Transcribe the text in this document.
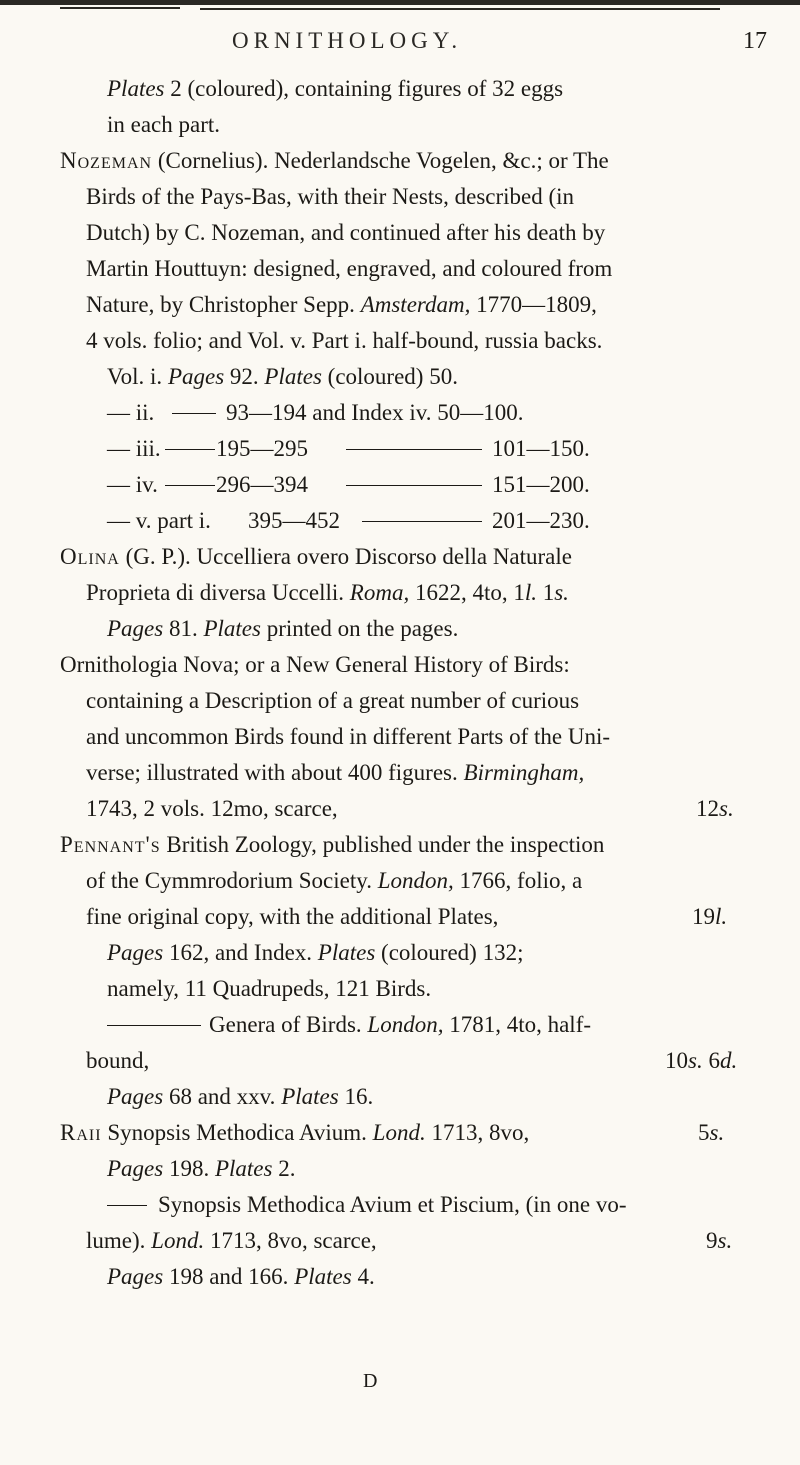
ORNITHOLOGY.	17
Plates 2 (coloured), containing figures of 32 eggs
in each part.
Nozeman (Cornelius). Nederlandsche Vogelen, &c.; or The
Birds of the Pays-Bas, with their Nests, described (in
Dutch) by C. Nozeman, and continued after his death by
Martin Houttuyn: designed, engraved, and coloured from
Nature, by Christopher Sepp. Amsterdam, 1770—1809,
4 vols. folio; and Vol. v. Part i. half-bound, russia backs.
Vol. i. Pages 92. Plates (coloured) 50.
— ii.	93—194 and Index iv. 50—100.
— iii. 195—295	101—150.
— iv.	296—394	151—200.
— v. part i. 395—452	201—230.
Olina (G. P.). Uccelliera overo Discorso della Naturale
Proprieta di diversa Uccelli. Roma, 1622, 4to, 1l. 1s.
Pages 81. Plates printed on the pages.
Ornithologia Nova; or a New General History of Birds:
containing a Description of a great number of curious
and uncommon Birds found in different Parts of the Uni-
verse; illustrated with about 400 figures. Birmingham,
1743, 2 vols. 12mo, scarce,	12s.
Pennant's British Zoology, published under the inspection
of the Cymmrodorium Society. London, 1766, folio, a
fine original copy, with the additional Plates,	19l.
Pages 162, and Index. Plates (coloured) 132;
namely, 11 Quadrupeds, 121 Birds.
Genera of Birds. London, 1781, 4to, half-
bound,	10s. 6d.
Pages 68 and xxv. Plates 16.
Raii Synopsis Methodica Avium. Lond. 1713, 8vo,	5s.
Pages 198. Plates 2.
Synopsis Methodica Avium et Piscium, (in one vo-
lume). Lond. 1713, 8vo, scarce,	9s.
Pages 198 and 166. Plates 4.
D
